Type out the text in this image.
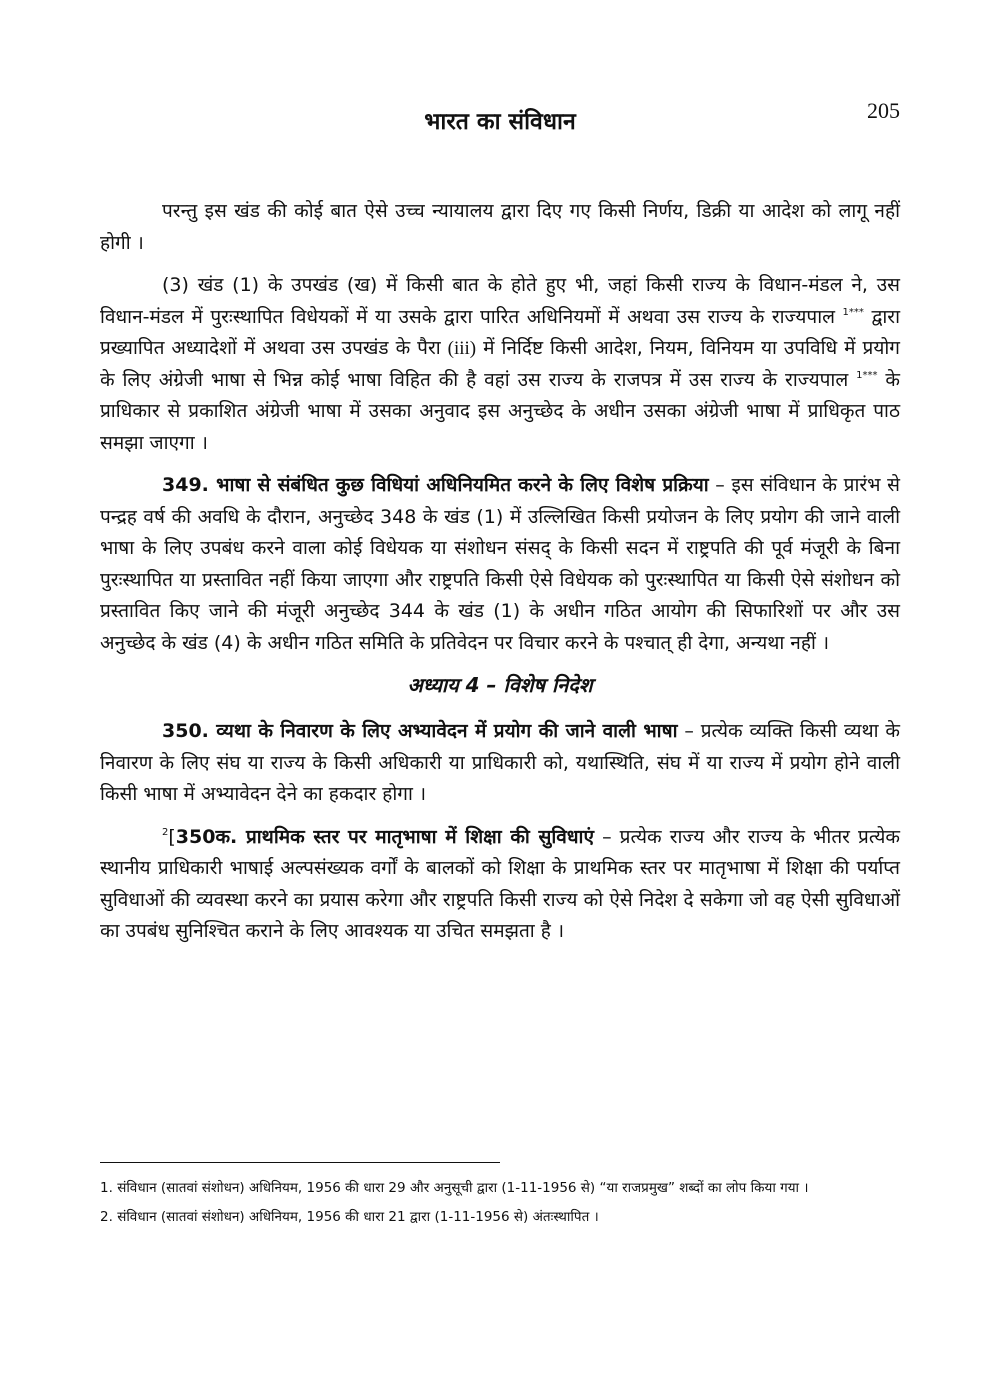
भारत का संविधान	205

परन्तु इस खंड की कोई बात ऐसे उच्च न्यायालय द्वारा दिए गए किसी निर्णय, डिक्री या आदेश को लागू नहीं होगी ।

(3) खंड (1) के उपखंड (ख) में किसी बात के होते हुए भी, जहां किसी राज्य के विधान-मंडल ने, उस विधान-मंडल में पुरःस्थापित विधेयकों में या उसके द्वारा पारित अधिनियमों में अथवा उस राज्य के राज्यपाल $^{1***}$ द्वारा प्रख्यापित अध्यादेशों में अथवा उस उपखंड के पैरा (iii) में निर्दिष्ट किसी आदेश, नियम, विनियम या उपविधि में प्रयोग के लिए अंग्रेजी भाषा से भिन्न कोई भाषा विहित की है वहां उस राज्य के राजपत्र में उस राज्य के राज्यपाल $^{1***}$ के प्राधिकार से प्रकाशित अंग्रेजी भाषा में उसका अनुवाद इस अनुच्छेद के अधीन उसका अंग्रेजी भाषा में प्राधिकृत पाठ समझा जाएगा ।

349. भाषा से संबंधित कुछ विधियां अधिनियमित करने के लिए विशेष प्रक्रिया – इस संविधान के प्रारंभ से पन्द्रह वर्ष की अवधि के दौरान, अनुच्छेद 348 के खंड (1) में उल्लिखित किसी प्रयोजन के लिए प्रयोग की जाने वाली भाषा के लिए उपबंध करने वाला कोई विधेयक या संशोधन संसद् के किसी सदन में राष्ट्रपति की पूर्व मंजूरी के बिना पुरःस्थापित या प्रस्तावित नहीं किया जाएगा और राष्ट्रपति किसी ऐसे विधेयक को पुरःस्थापित या किसी ऐसे संशोधन को प्रस्तावित किए जाने की मंजूरी अनुच्छेद 344 के खंड (1) के अधीन गठित आयोग की सिफारिशों पर और उस अनुच्छेद के खंड (4) के अधीन गठित समिति के प्रतिवेदन पर विचार करने के पश्चात् ही देगा, अन्यथा नहीं ।

अध्याय 4 – विशेष निदेश

350. व्यथा के निवारण के लिए अभ्यावेदन में प्रयोग की जाने वाली भाषा – प्रत्येक व्यक्ति किसी व्यथा के निवारण के लिए संघ या राज्य के किसी अधिकारी या प्राधिकारी को, यथास्थिति, संघ में या राज्य में प्रयोग होने वाली किसी भाषा में अभ्यावेदन देने का हकदार होगा ।

$^2$[350क. प्राथमिक स्तर पर मातृभाषा में शिक्षा की सुविधाएं – प्रत्येक राज्य और राज्य के भीतर प्रत्येक स्थानीय प्राधिकारी भाषाई अल्पसंख्यक वर्गों के बालकों को शिक्षा के प्राथमिक स्तर पर मातृभाषा में शिक्षा की पर्याप्त सुविधाओं की व्यवस्था करने का प्रयास करेगा और राष्ट्रपति किसी राज्य को ऐसे निदेश दे सकेगा जो वह ऐसी सुविधाओं का उपबंध सुनिश्चित कराने के लिए आवश्यक या उचित समझता है ।

1. संविधान (सातवां संशोधन) अधिनियम, 1956 की धारा 29 और अनुसूची द्वारा (1-11-1956 से) “या राजप्रमुख” शब्दों का लोप किया गया ।

2. संविधान (सातवां संशोधन) अधिनियम, 1956 की धारा 21 द्वारा (1-11-1956 से) अंतःस्थापित ।
